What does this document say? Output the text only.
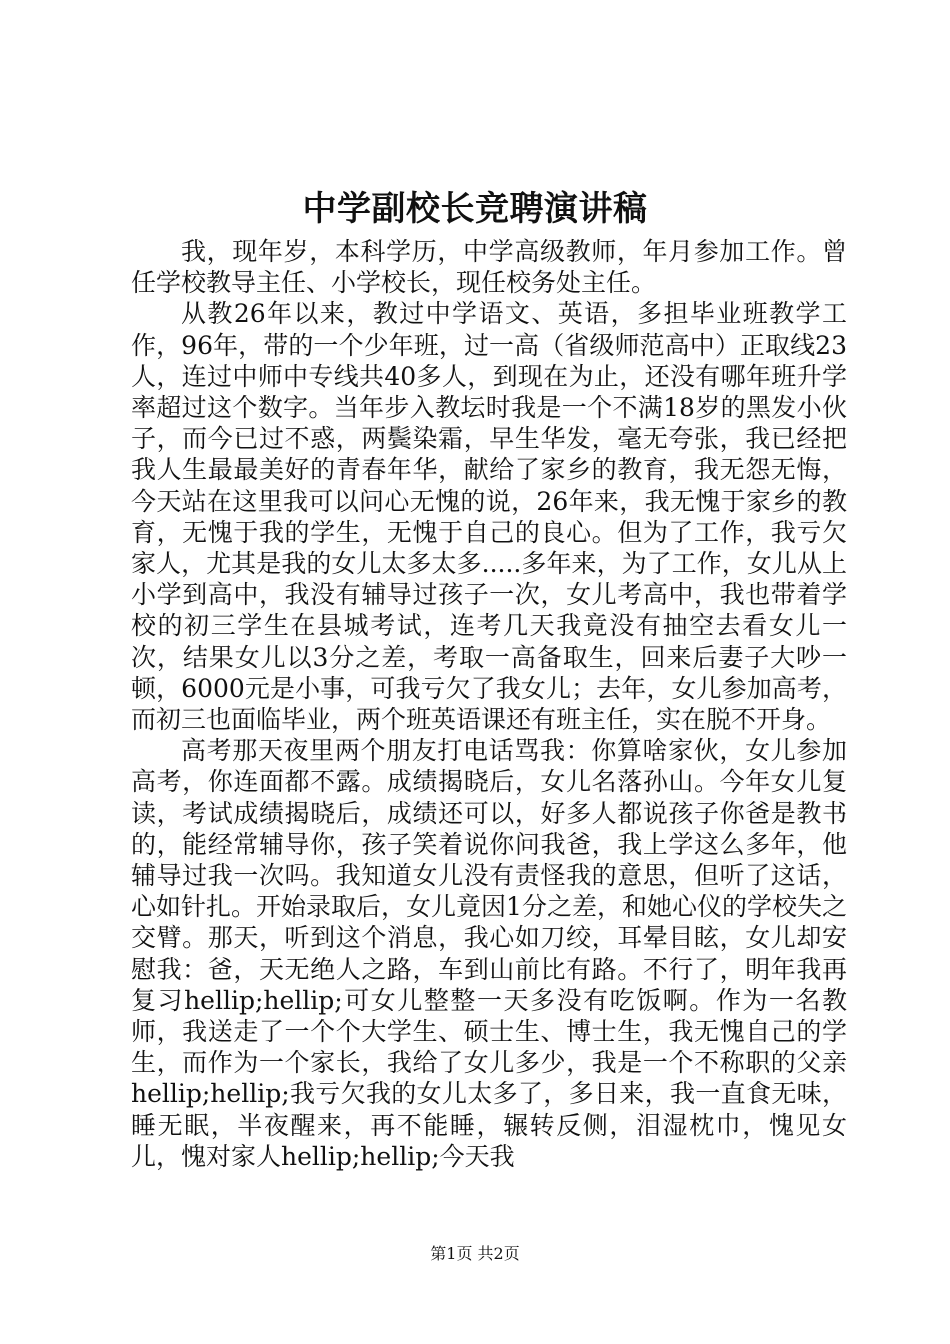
中学副校长竞聘演讲稿

我，现年岁，本科学历，中学高级教师，年月参加工作。曾任学校教导主任、小学校长，现任校务处主任。

从教26年以来，教过中学语文、英语，多担毕业班教学工作，96年，带的一个少年班，过一高（省级师范高中）正取线23人，连过中师中专线共40多人，到现在为止，还没有哪年班升学率超过这个数字。当年步入教坛时我是一个不满18岁的黑发小伙子，而今已过不惑，两鬓染霜，早生华发，毫无夸张，我已经把我人生最最美好的青春年华，献给了家乡的教育，我无怨无悔，今天站在这里我可以问心无愧的说，26年来，我无愧于家乡的教育，无愧于我的学生，无愧于自己的良心。但为了工作，我亏欠家人，尤其是我的女儿太多太多.....多年来，为了工作，女儿从上小学到高中，我没有辅导过孩子一次，女儿考高中，我也带着学校的初三学生在县城考试，连考几天我竟没有抽空去看女儿一次，结果女儿以3分之差，考取一高备取生，回来后妻子大吵一顿，6000元是小事，可我亏欠了我女儿；去年，女儿参加高考，而初三也面临毕业，两个班英语课还有班主任，实在脱不开身。

高考那天夜里两个朋友打电话骂我：你算啥家伙，女儿参加高考，你连面都不露。成绩揭晓后，女儿名落孙山。今年女儿复读，考试成绩揭晓后，成绩还可以，好多人都说孩子你爸是教书的，能经常辅导你，孩子笑着说你问我爸，我上学这么多年，他辅导过我一次吗。我知道女儿没有责怪我的意思，但听了这话，心如针扎。开始录取后，女儿竟因1分之差，和她心仪的学校失之交臂。那天，听到这个消息，我心如刀绞，耳晕目眩，女儿却安慰我：爸，天无绝人之路，车到山前比有路。不行了，明年我再复习hellip;hellip;可女儿整整一天多没有吃饭啊。作为一名教师，我送走了一个个大学生、硕士生、博士生，我无愧自己的学生，而作为一个家长，我给了女儿多少，我是一个不称职的父亲hellip;hellip;我亏欠我的女儿太多了，多日来，我一直食无味，睡无眠，半夜醒来，再不能睡，辗转反侧，泪湿枕巾，愧见女儿，愧对家人hellip;hellip;今天我

第1页 共2页
